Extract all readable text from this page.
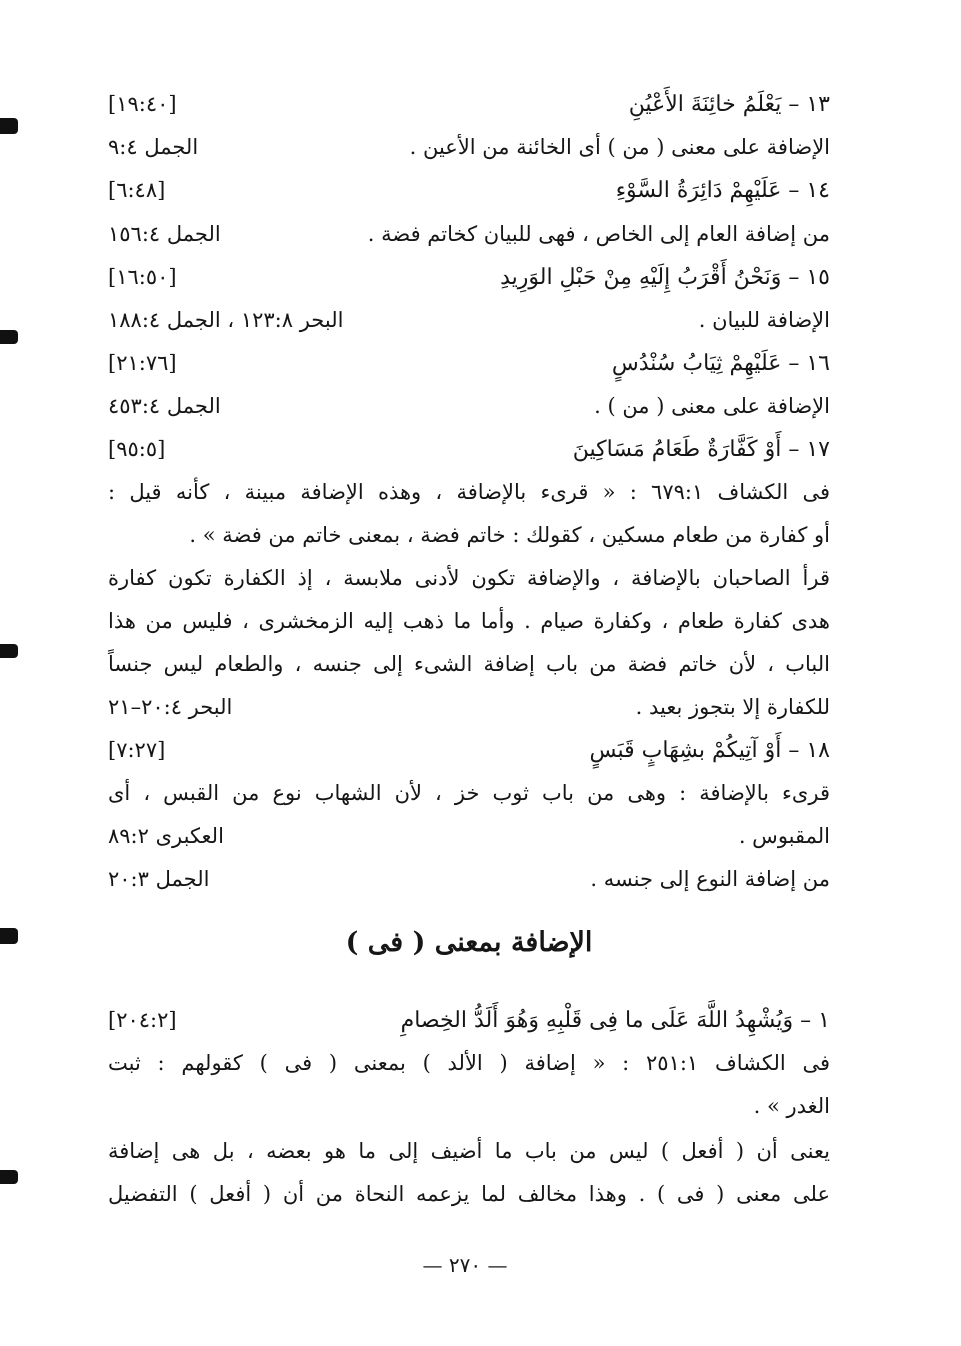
١٣ – يَعْلَمُ خائِنَةَ الأَعْيُنِ
[١٩:٤٠]
الإضافة على معنى ( من ) أى الخائنة من الأعين .
الجمل ٩:٤
١٤ – عَلَيْهِمْ دَائِرَةُ السَّوْءِ
[٦:٤٨]
من إضافة العام إلى الخاص ، فهى للبيان كخاتم فضة .
الجمل ١٥٦:٤
١٥ – وَنَحْنُ أَقْرَبُ إِلَيْهِ مِنْ حَبْلِ الوَرِيدِ
[١٦:٥٠]
الإضافة للبيان .
البحر ١٢٣:٨ ، الجمل ١٨٨:٤
١٦ – عَلَيْهِمْ ثِيَابُ سُنْدُسٍ
[٢١:٧٦]
الإضافة على معنى ( من ) .
الجمل ٤٥٣:٤
١٧ – أَوْ كَفَّارَةٌ طَعَامُ مَسَاكِينَ
[٩٥:٥]
فى الكشاف ٦٧٩:١ : « قرىء بالإضافة ، وهذه الإضافة مبينة ، كأنه قيل :
أو كفارة من طعام مسكين ، كقولك : خاتم فضة ، بمعنى خاتم من فضة » .
قرأ الصاحبان بالإضافة ، والإضافة تكون لأدنى ملابسة ، إذ الكفارة تكون كفارة
هدى كفارة طعام ، وكفارة صيام . وأما ما ذهب إليه الزمخشرى ، فليس من هذا
الباب ، لأن خاتم فضة من باب إضافة الشىء إلى جنسه ، والطعام ليس جنساً
للكفارة إلا بتجوز بعيد .
البحر ٢٠:٤–٢١
١٨ – أَوْ آتِيكُمْ بشِهَابٍ قَبَسٍ
[٧:٢٧]
قرىء بالإضافة : وهى من باب ثوب خز ، لأن الشهاب نوع من القبس ، أى
المقبوس .
العكبرى ٨٩:٢
من إضافة النوع إلى جنسه .
الجمل ٢٠:٣
الإضافة بمعنى ( فى )
١ – وَيُشْهِدُ اللَّهَ عَلَى ما فِى قَلْبِهِ وَهُوَ أَلَدُّ الخِصامِ
[٢٠٤:٢]
فى الكشاف ٢٥١:١ : « إضافة ( الألد ) بمعنى ( فى ) كقولهم : ثبت
الغدر » .
يعنى أن ( أفعل ) ليس من باب ما أضيف إلى ما هو بعضه ، بل هى إضافة
على معنى ( فى ) . وهذا مخالف لما يزعمه النحاة من أن ( أفعل ) التفضيل
— ٢٧٠ —
